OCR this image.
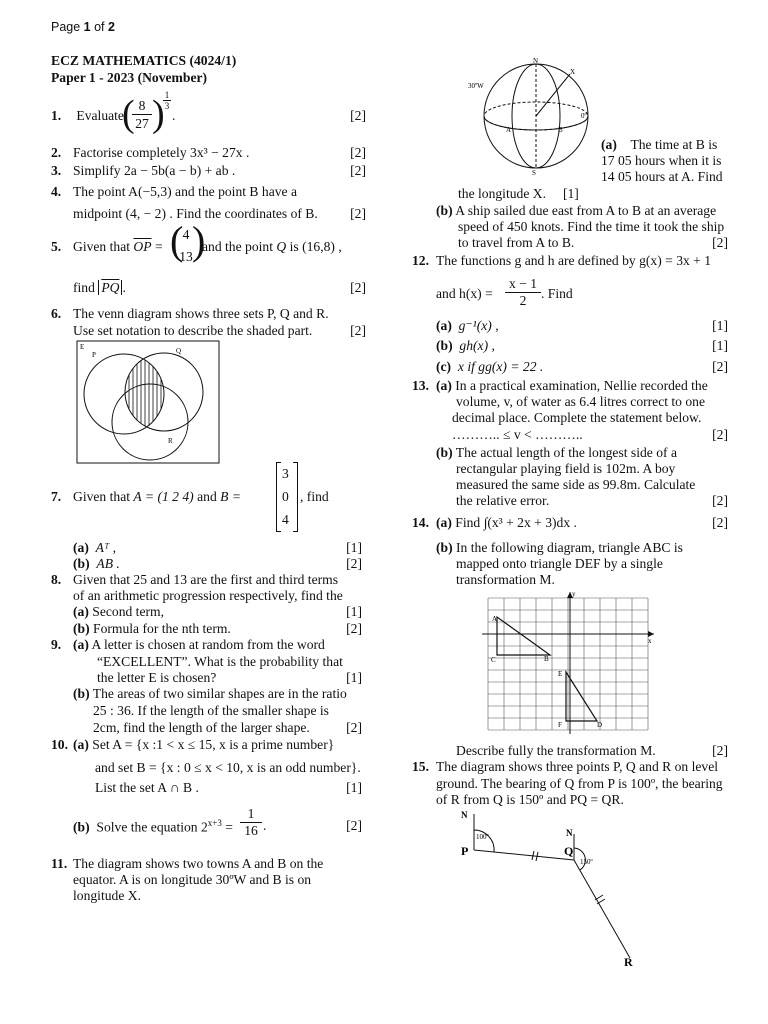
Page 1 of 2
ECZ MATHEMATICS (4024/1)
Paper 1 - 2023 (November)
1. Evaluate
( 8
27 ) 1
3
.	[2]
2. Factorise completely 3x³ − 27x .	[2]
3. Simplify 2a − 5b(a − b) + ab .	[2]
4. The point A(−5,3) and the point B have a
midpoint (4, − 2) . Find the coordinates of B.	[2]
5. Given that $\overline{OP}$ = ( 4
13 )
and the point Q is (16,8) ,
find $\overline{PQ}$ .	[2]
6. The venn diagram shows three sets P, Q and R.
Use set notation to describe the shaded part.	[2]
E
P	Q
R
7. Given that A = (1 2 4) and B =
3
0
4
, find
(a) Aᵀ ,	[1]
(b) AB .	[2]
8. Given that 25 and 13 are the first and third terms
of an arithmetic progression respectively, find the
(a) Second term,	[1]
(b) Formula for the nth term.	[2]
9. (a) A letter is chosen at random from the word
“EXCELLENT”. What is the probability that
the letter E is chosen?	[1]
(b) The areas of two similar shapes are in the ratio
25 : 36. If the length of the smaller shape is
2cm, find the length of the larger shape.	[2]
10. (a) Set A = {x :1 < x ≤ 15, x is a prime number}
and set B = {x : 0 ≤ x < 10, x is an odd number}.
List the set A ∩ B .	[1]
(b) Solve the equation $2^{x+3}$ =
1
16 .	[2]
11. The diagram shows two towns A and B on the
equator. A is on longitude 30ºW and B is on
longitude X.
N
X
30ºW
0º
A	B
S
(a) The time at B is
17 05 hours when it is
14 05 hours at A. Find
the longitude X. [1]
(b) A ship sailed due east from A to B at an average
speed of 450 knots. Find the time it took the ship
to travel from A to B.	[2]
12. The functions g and h are defined by g(x) = 3x + 1
and h(x) =
x − 1
2	. Find
(a) g⁻¹(x) ,	[1]
(b) gh(x) ,	[1]
(c) x if gg(x) = 22 .	[2]
13. (a) In a practical examination, Nellie recorded the
volume, v, of water as 6.4 litres correct to one
decimal place. Complete the statement below.
……….. ≤ v < ………..	[2]
(b) The actual length of the longest side of a
rectangular playing field is 102m. A boy
measured the same side as 99.8m. Calculate
the relative error.	[2]
14. (a) Find ∫(x³ + 2x + 3)dx .	[2]
(b) In the following diagram, triangle ABC is
mapped onto triangle DEF by a single
transformation M.
y
x
A
B
C
D
E
F
Describe fully the transformation M.	[2]
15. The diagram shows three points P, Q and R on level
ground. The bearing of Q from P is 100º, the bearing
of R from Q is 150º and PQ = QR.
N
P
100º	N
Q
150º
R
